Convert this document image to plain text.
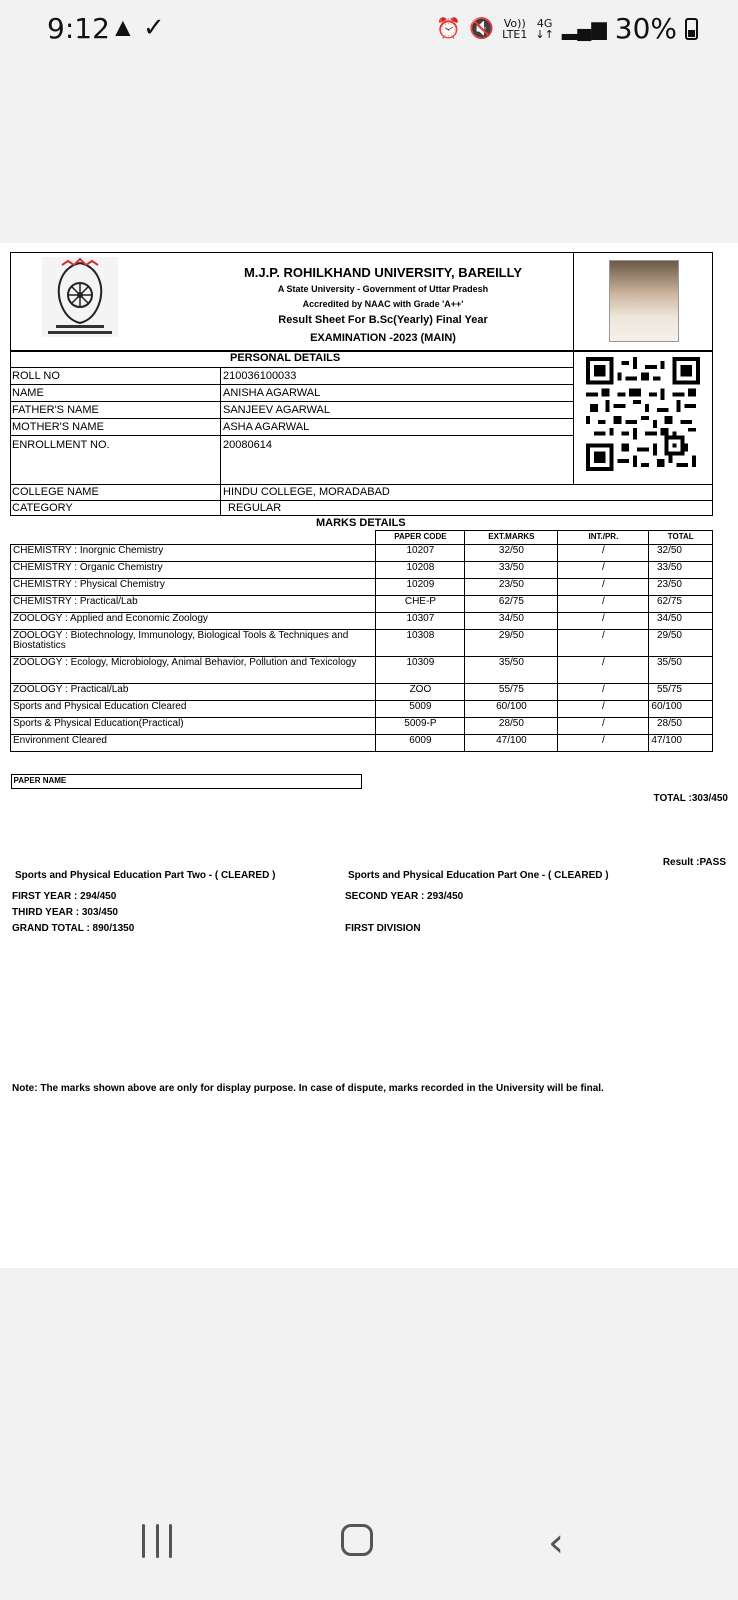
9:12 ▲ ✓	⏰ 🔇 Vo))
LTE1
4G
↓↑ ▂▄▆ 30%
M.J.P. ROHILKHAND UNIVERSITY, BAREILLY
A State University - Government of Uttar Pradesh
Accredited by NAAC with Grade 'A++'
Result Sheet For B.Sc(Yearly) Final Year
EXAMINATION -2023 (MAIN)
PERSONAL DETAILS
ROLL NO	210036100033
NAME	ANISHA AGARWAL
FATHER'S NAME	SANJEEV AGARWAL
MOTHER'S NAME	ASHA AGARWAL
ENROLLMENT NO.	20080614
COLLEGE NAME	HINDU COLLEGE, MORADABAD
CATEGORY	REGULAR
MARKS DETAILS
PAPER NAME
PAPER CODE	EXT.MARKS	INT./PR.	TOTAL
CHEMISTRY : Inorgnic Chemistry	10207	32/50	/	32/50
CHEMISTRY : Organic Chemistry	10208	33/50	/	33/50
CHEMISTRY : Physical Chemistry	10209	23/50	/	23/50
CHEMISTRY : Practical/Lab	CHE-P	62/75	/	62/75
ZOOLOGY : Applied and Economic Zoology	10307	34/50	/	34/50
ZOOLOGY : Biotechnology, Immunology, Biological Tools & Techniques and Biostatistics	10308	29/50	/	29/50
ZOOLOGY : Ecology, Microbiology, Animal Behavior, Pollution and Texicology	10309	35/50	/	35/50
ZOOLOGY : Practical/Lab	ZOO	55/75	/	55/75
Sports and Physical Education Cleared	5009	60/100	/	60/100
Sports & Physical Education(Practical)	5009-P	28/50	/	28/50
Environment Cleared	6009	47/100	/	47/100
TOTAL :303/450
Result :PASS
Sports and Physical Education Part Two - ( CLEARED )	Sports and Physical Education Part One - ( CLEARED )
FIRST YEAR : 294/450	SECOND YEAR : 293/450
THIRD YEAR : 303/450
GRAND TOTAL : 890/1350	FIRST DIVISION
Note: The marks shown above are only for display purpose. In case of dispute, marks recorded in the University will be final.
‹
